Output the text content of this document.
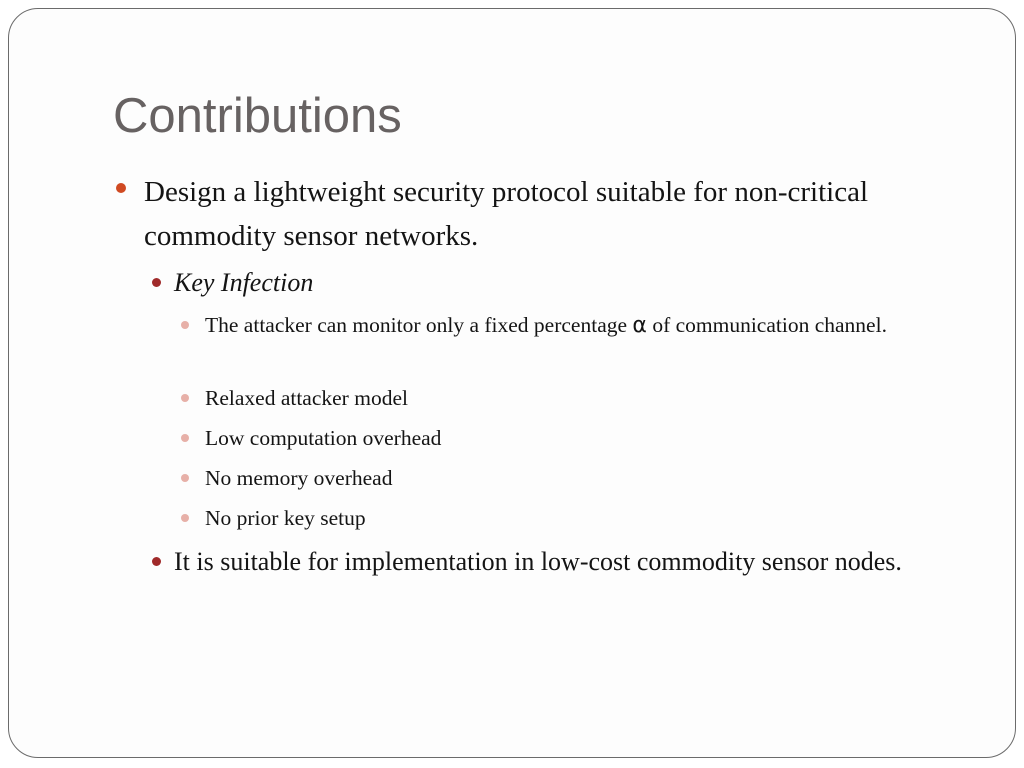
Contributions
Design a lightweight security protocol suitable for non-critical commodity sensor networks.
Key Infection
The attacker can monitor only a fixed percentage α of communication channel.
Relaxed attacker model
Low computation overhead
No memory overhead
No prior key setup
It is suitable for implementation in low-cost commodity sensor nodes.
